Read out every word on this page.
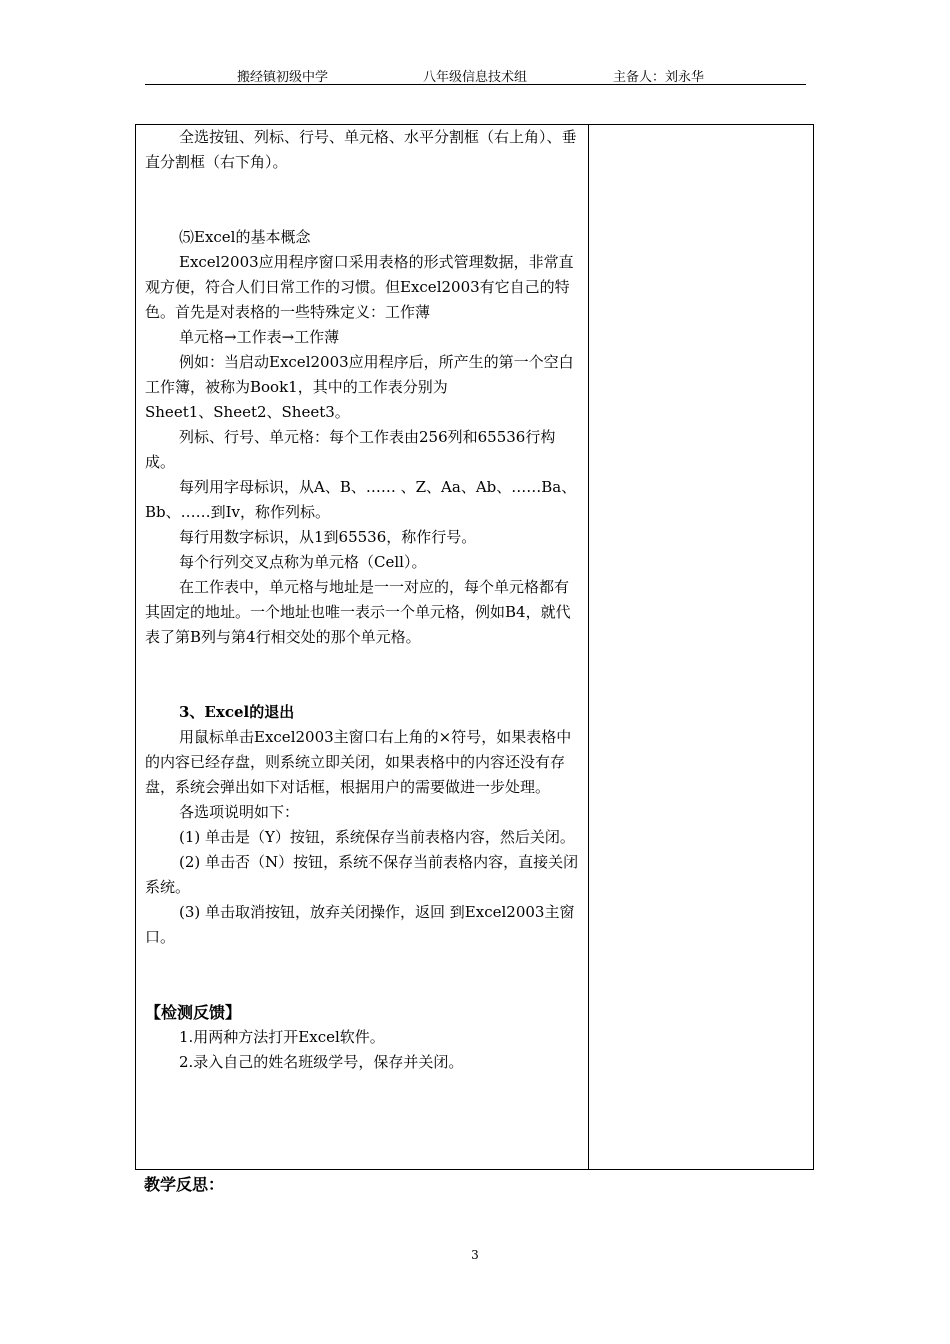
搬经镇初级中学	八年级信息技术组	主备人：刘永华

全选按钮、列标、行号、单元格、水平分割框（右上角）、垂直分割框（右下角）。

⑸Excel的基本概念

Excel2003应用程序窗口采用表格的形式管理数据，非常直观方便，符合人们日常工作的习惯。但Excel2003有它自己的特色。首先是对表格的一些特殊定义：工作薄

单元格→工作表→工作薄

例如：当启动Excel2003应用程序后，所产生的第一个空白工作簿，被称为Book1，其中的工作表分别为

Sheet1、Sheet2、Sheet3。

列标、行号、单元格：每个工作表由256列和65536行构成。

每列用字母标识，从A、B、…… 、Z、Aa、Ab、……Ba、Bb、……到Iv，称作列标。

每行用数字标识，从1到65536，称作行号。

每个行列交叉点称为单元格（Cell）。

在工作表中，单元格与地址是一一对应的，每个单元格都有其固定的地址。一个地址也唯一表示一个单元格，例如B4，就代表了第B列与第4行相交处的那个单元格。

3、Excel的退出

用鼠标单击Excel2003主窗口右上角的×符号，如果表格中的内容已经存盘，则系统立即关闭，如果表格中的内容还没有存盘，系统会弹出如下对话框，根据用户的需要做进一步处理。

各选项说明如下：

(1) 单击是（Y）按钮，系统保存当前表格内容，然后关闭。

(2) 单击否（N）按钮，系统不保存当前表格内容，直接关闭系统。

(3) 单击取消按钮，放弃关闭操作，返回 到Excel2003主窗口。

【检测反馈】

1.用两种方法打开Excel软件。

2.录入自己的姓名班级学号，保存并关闭。

教学反思：
3
